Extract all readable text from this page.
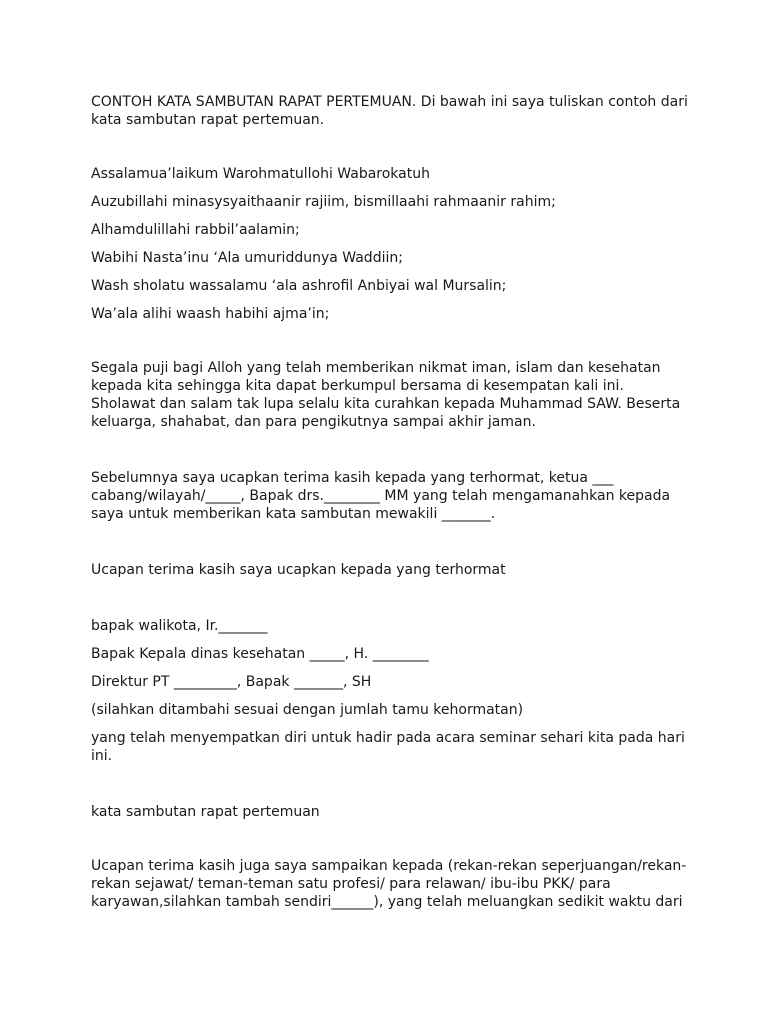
CONTOH KATA SAMBUTAN RAPAT PERTEMUAN. Di bawah ini saya tuliskan contoh dari kata sambutan rapat pertemuan.

Assalamua’laikum Warohmatullohi Wabarokatuh

Auzubillahi minasysyaithaanir rajiim, bismillaahi rahmaanir rahim;

Alhamdulillahi rabbil’aalamin;

Wabihi Nasta’inu ‘Ala umuriddunya Waddiin;

Wash sholatu wassalamu ‘ala ashrofil Anbiyai wal Mursalin;

Wa’ala alihi waash habihi ajma’in;

Segala puji bagi Alloh yang telah memberikan nikmat iman, islam dan kesehatan kepada kita sehingga kita dapat berkumpul bersama di kesempatan kali ini. Sholawat dan salam tak lupa selalu kita curahkan kepada Muhammad SAW. Beserta keluarga, shahabat, dan para pengikutnya sampai akhir jaman.

Sebelumnya saya ucapkan terima kasih kepada yang terhormat, ketua ___ cabang/wilayah/_____, Bapak drs.________ MM yang telah mengamanahkan kepada saya untuk memberikan kata sambutan mewakili _______.

Ucapan terima kasih saya ucapkan kepada yang terhormat

bapak walikota, Ir._______

Bapak Kepala dinas kesehatan _____, H. ________

Direktur PT _________, Bapak _______, SH

(silahkan ditambahi sesuai dengan jumlah tamu kehormatan)

yang telah menyempatkan diri untuk hadir pada acara seminar sehari kita pada hari ini.

kata sambutan rapat pertemuan

Ucapan terima kasih juga saya sampaikan kepada (rekan-rekan seperjuangan/rekan-rekan sejawat/ teman-teman satu profesi/ para relawan/ ibu-ibu PKK/ para karyawan,silahkan tambah sendiri______), yang telah meluangkan sedikit waktu dari
